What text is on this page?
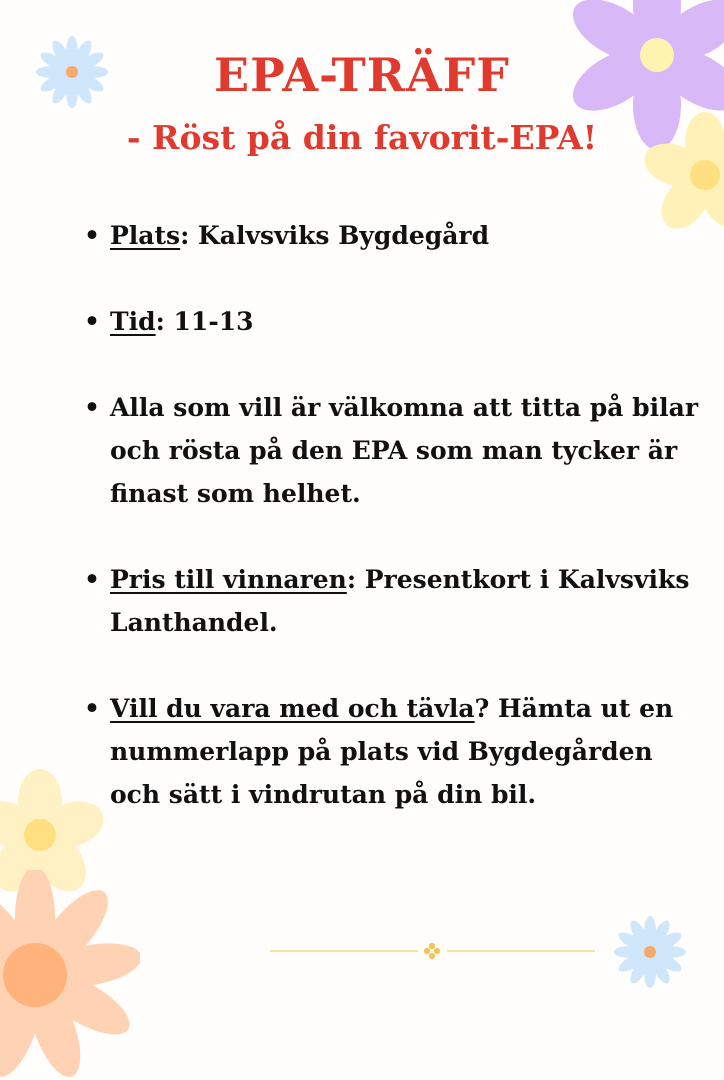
EPA-TRÄFF
- Röst på din favorit-EPA!
• Plats: Kalvsviks Bygdegård
• Tid: 11-13
• Alla som vill är välkomna att titta på bilar och rösta på den EPA som man tycker är finast som helhet.
• Pris till vinnaren: Presentkort i Kalvsviks Lanthandel.
• Vill du vara med och tävla? Hämta ut en nummerlapp på plats vid Bygdegården och sätt i vindrutan på din bil.
